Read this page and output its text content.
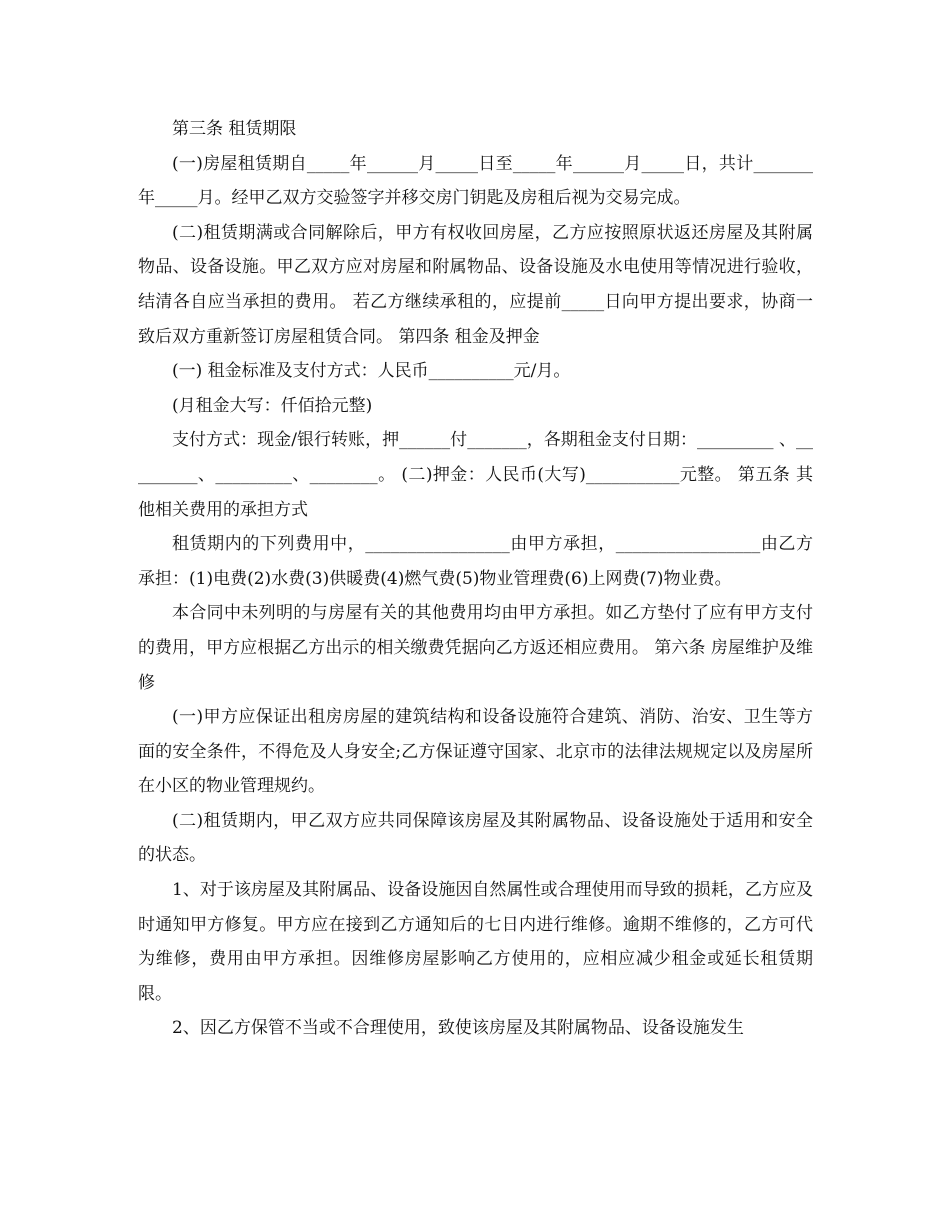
第三条 租赁期限

(一)房屋租赁期自_____年______月_____日至_____年______月_____日，共计_______年_____月。经甲乙双方交验签字并移交房门钥匙及房租后视为交易完成。

(二)租赁期满或合同解除后，甲方有权收回房屋，乙方应按照原状返还房屋及其附属物品、设备设施。甲乙双方应对房屋和附属物品、设备设施及水电使用等情况进行验收，结清各自应当承担的费用。 若乙方继续承租的，应提前_____日向甲方提出要求，协商一致后双方重新签订房屋租赁合同。 第四条 租金及押金

(一) 租金标准及支付方式：人民币__________元/月。

(月租金大写：仟佰拾元整)

支付方式：现金/银行转账，押______付_______，各期租金支付日期：_________ 、_________、_________、________。 (二)押金：人民币(大写)___________元整。 第五条 其他相关费用的承担方式

租赁期内的下列费用中，_________________由甲方承担，_________________由乙方承担：(1)电费(2)水费(3)供暖费(4)燃气费(5)物业管理费(6)上网费(7)物业费。

本合同中未列明的与房屋有关的其他费用均由甲方承担。如乙方垫付了应有甲方支付的费用，甲方应根据乙方出示的相关缴费凭据向乙方返还相应费用。 第六条 房屋维护及维修

(一)甲方应保证出租房房屋的建筑结构和设备设施符合建筑、消防、治安、卫生等方面的安全条件，不得危及人身安全;乙方保证遵守国家、北京市的法律法规规定以及房屋所在小区的物业管理规约。

(二)租赁期内，甲乙双方应共同保障该房屋及其附属物品、设备设施处于适用和安全的状态。

1、对于该房屋及其附属品、设备设施因自然属性或合理使用而导致的损耗，乙方应及时通知甲方修复。甲方应在接到乙方通知后的七日内进行维修。逾期不维修的，乙方可代为维修，费用由甲方承担。因维修房屋影响乙方使用的，应相应减少租金或延长租赁期限。

2、因乙方保管不当或不合理使用，致使该房屋及其附属物品、设备设施发生
